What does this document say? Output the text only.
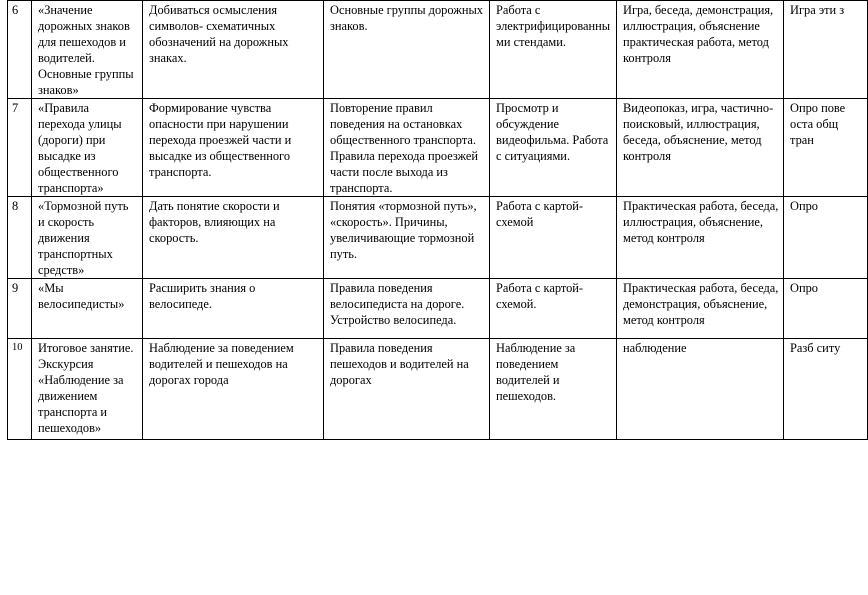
6	«Значение дорожных знаков для пешеходов и водителей. Основные группы знаков»	Добиваться осмысления символов- схематичных обозначений на дорожных знаках.	Основные группы дорожных знаков.	Работа с электрифицированными стендами.	Игра, беседа, демонстрация, иллюстрация, объяснение практическая работа, метод контроля	Игра эти з
7	«Правила перехода улицы (дороги) при высадке из общественного транспорта»	Формирование чувства опасности при нарушении перехода проезжей части и высадке из общественного транспорта.	Повторение правил поведения на остановках общественного транспорта. Правила перехода проезжей части после выхода из транспорта.	Просмотр и обсуждение видеофильма. Работа с ситуациями.	Видеопоказ, игра, частично-поисковый, иллюстрация, беседа, объяснение, метод контроля	Опро пове оста общ тран
8	«Тормозной путь и скорость движения транспортных средств»	Дать понятие скорости и факторов, влияющих на скорость.	Понятия «тормозной путь», «скорость». Причины, увеличивающие тормозной путь.	Работа с картой-схемой	Практическая работа, беседа, иллюстрация, объяснение, метод контроля	Опро
9	«Мы велосипедисты»	Расширить знания о велосипеде.	Правила поведения велосипедиста на дороге. Устройство велосипеда.	Работа с картой-схемой.	Практическая работа, беседа, демонстрация, объяснение, метод контроля	Опро
10	Итоговое занятие. Экскурсия «Наблюдение за движением транспорта и пешеходов»	Наблюдение за поведением водителей и пешеходов на дорогах города	Правила поведения пешеходов и водителей на дорогах	Наблюдение за поведением водителей и пешеходов.	наблюдение	Разб ситу
